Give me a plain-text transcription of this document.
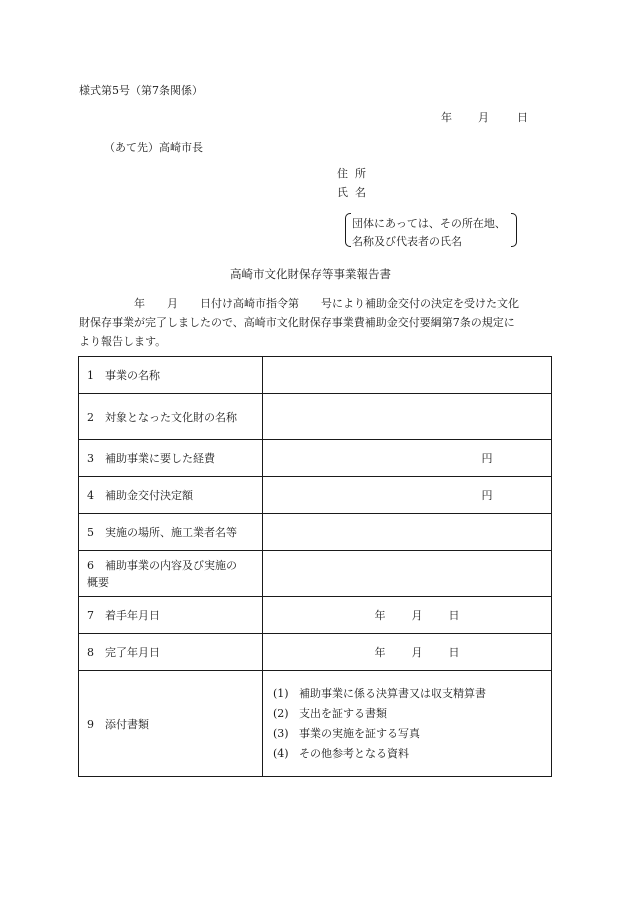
様式第5号（第7条関係）
年 月	日
（あて先）高崎市長
住所
氏名
団体にあっては、その所在地、
名称及び代表者の氏名
高崎市文化財保存等事業報告書
　　　　　年　　月　　日付け高崎市指令第　　号により補助金交付の決定を受けた文化
財保存事業が完了しましたので、高崎市文化財保存事業費補助金交付要綱第7条の規定に
より報告します。
1 事業の名称	
2 対象となった文化財の名称	
3 補助事業に要した経費	円
4 補助金交付決定額	円
5 実施の場所、施工業者名等	
6 補助事業の内容及び実施の
概要	
7 着手年月日	年 月 日
8 完了年月日	年 月 日
9 添付書類	(1) 補助事業に係る決算書又は収支精算書
(2) 支出を証する書類
(3) 事業の実施を証する写真
(4) その他参考となる資料
